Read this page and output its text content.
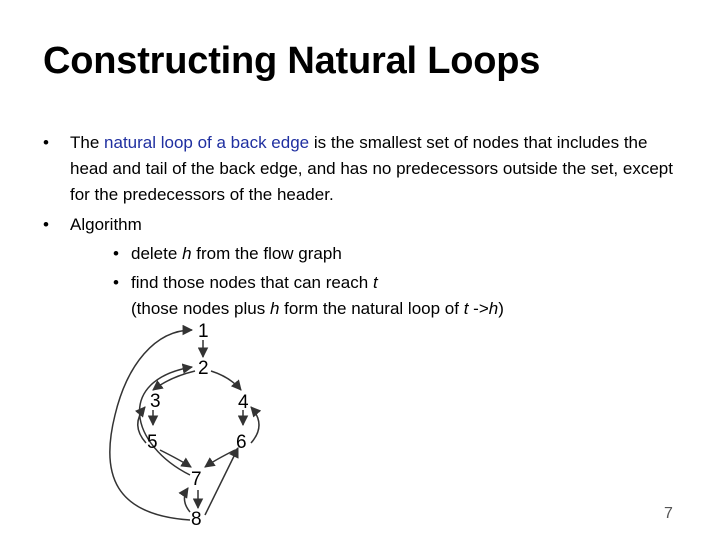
Constructing Natural Loops
• The natural loop of a back edge is the smallest set of nodes that includes the head and tail of the back edge, and has no predecessors outside the set, except for the predecessors of the header.
• Algorithm
• delete h from the flow graph
• find those nodes that can reach t
(those nodes plus h form the natural loop of t ->h)
1
2
3	4
5	6
7
8	7
